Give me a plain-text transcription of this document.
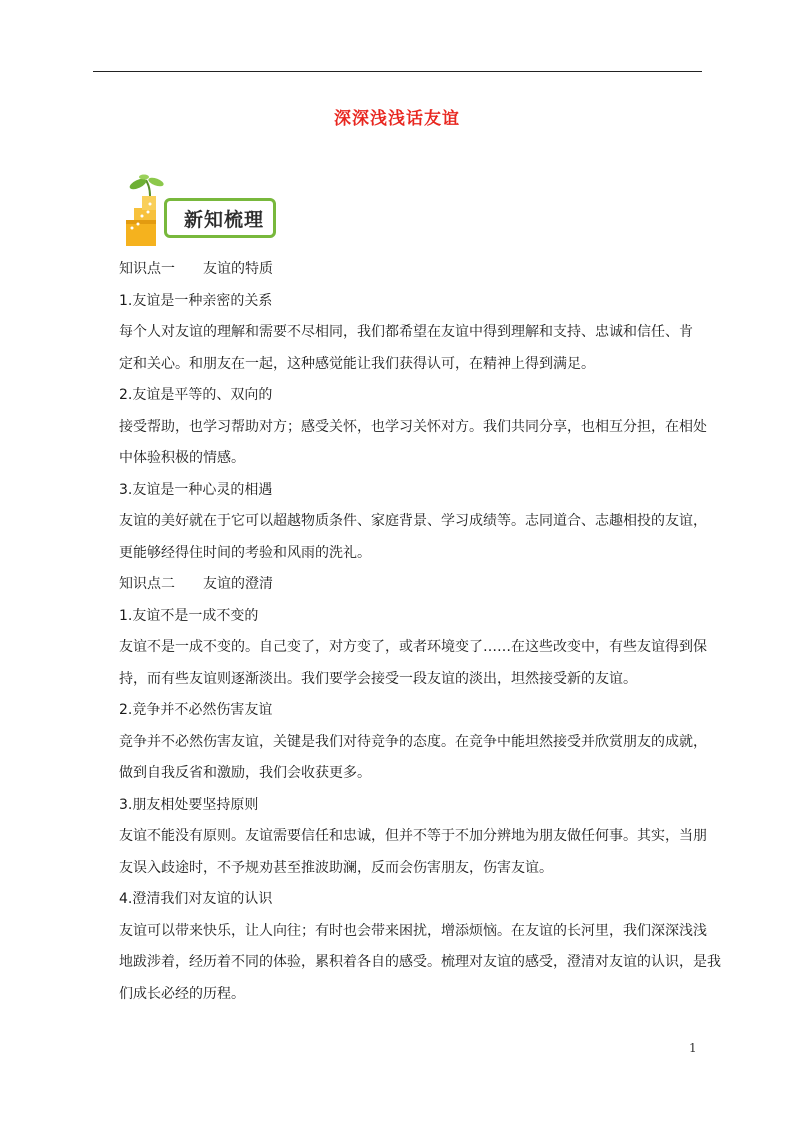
深深浅浅话友谊
新知梳理
知识点一 友谊的特质
1.友谊是一种亲密的关系
每个人对友谊的理解和需要不尽相同，我们都希望在友谊中得到理解和支持、忠诚和信任、肯
定和关心。和朋友在一起，这种感觉能让我们获得认可，在精神上得到满足。
2.友谊是平等的、双向的
接受帮助，也学习帮助对方；感受关怀，也学习关怀对方。我们共同分享，也相互分担，在相处
中体验积极的情感。
3.友谊是一种心灵的相遇
友谊的美好就在于它可以超越物质条件、家庭背景、学习成绩等。志同道合、志趣相投的友谊，
更能够经得住时间的考验和风雨的洗礼。
知识点二 友谊的澄清
1.友谊不是一成不变的
友谊不是一成不变的。自己变了，对方变了，或者环境变了……在这些改变中，有些友谊得到保
持，而有些友谊则逐渐淡出。我们要学会接受一段友谊的淡出，坦然接受新的友谊。
2.竞争并不必然伤害友谊
竞争并不必然伤害友谊，关键是我们对待竞争的态度。在竞争中能坦然接受并欣赏朋友的成就，
做到自我反省和激励，我们会收获更多。
3.朋友相处要坚持原则
友谊不能没有原则。友谊需要信任和忠诚，但并不等于不加分辨地为朋友做任何事。其实，当朋
友误入歧途时，不予规劝甚至推波助澜，反而会伤害朋友，伤害友谊。
4.澄清我们对友谊的认识
友谊可以带来快乐，让人向往；有时也会带来困扰，增添烦恼。在友谊的长河里，我们深深浅浅
地跋涉着，经历着不同的体验，累积着各自的感受。梳理对友谊的感受，澄清对友谊的认识，是我
们成长必经的历程。
1
